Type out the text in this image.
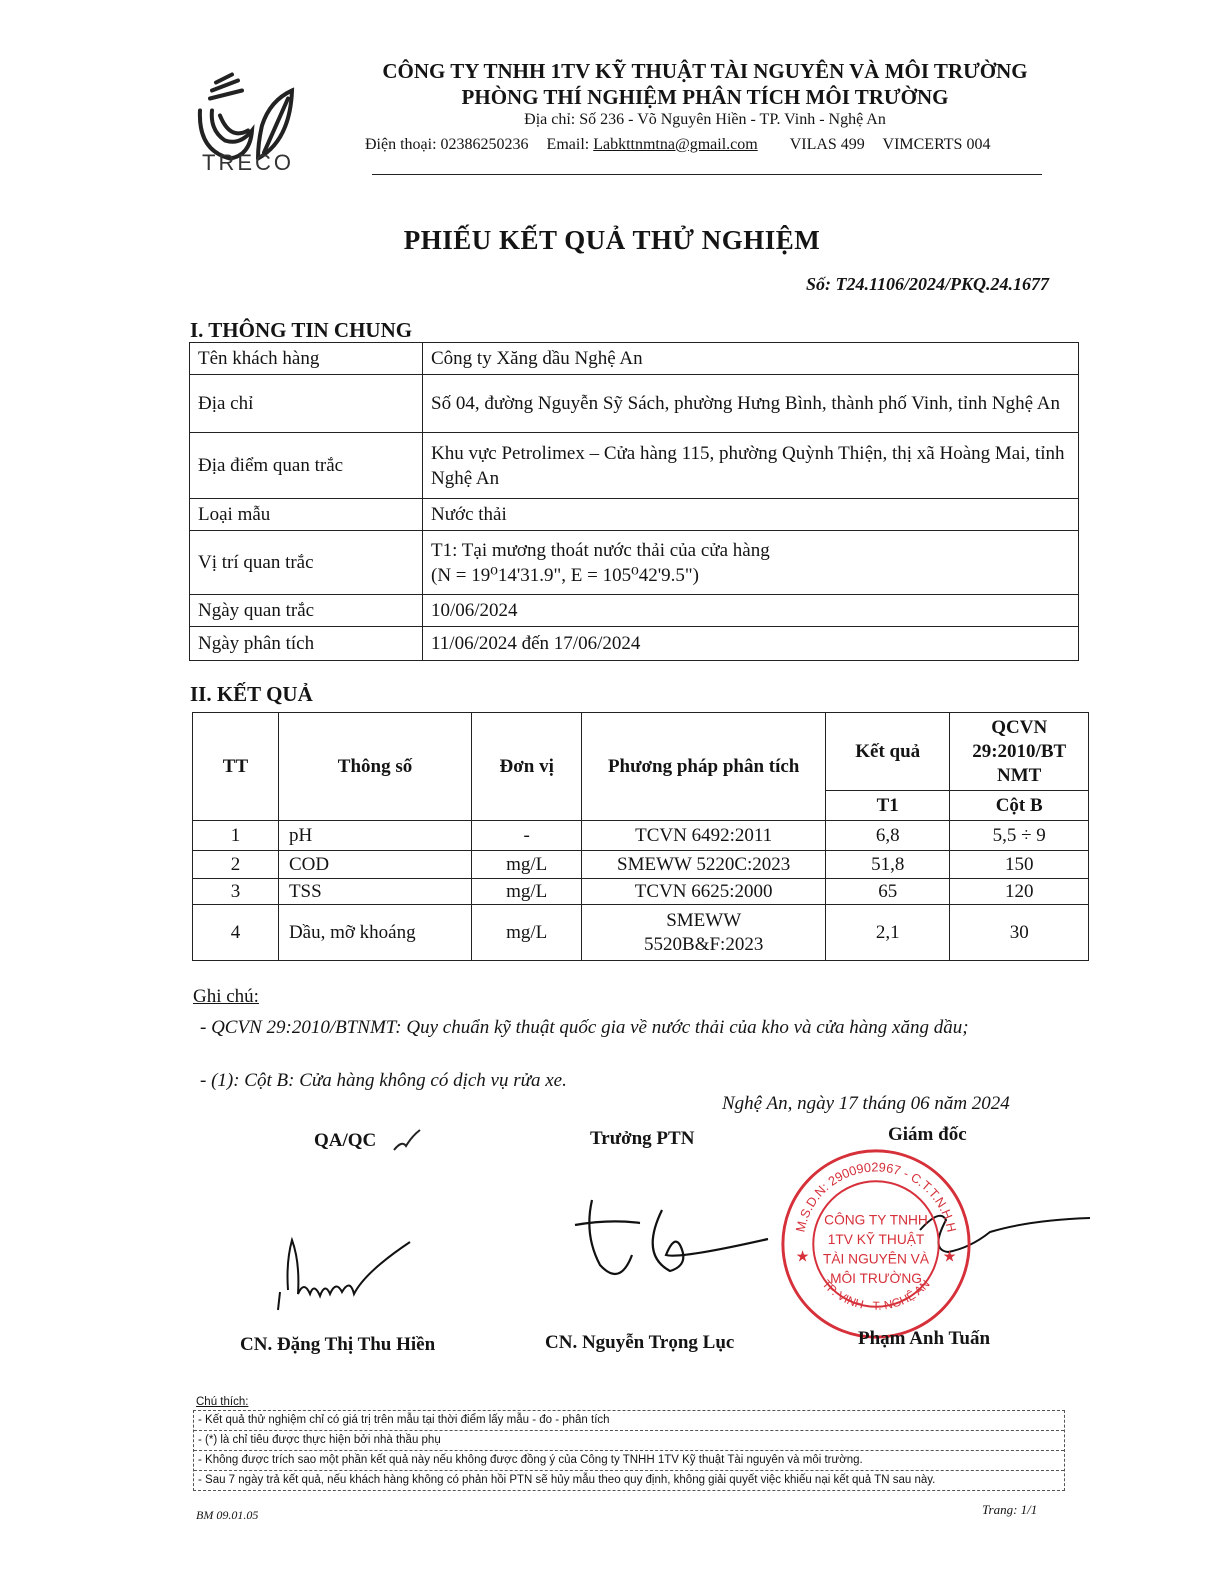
TRECO
CÔNG TY TNHH 1TV KỸ THUẬT TÀI NGUYÊN VÀ MÔI TRƯỜNG
PHÒNG THÍ NGHIỆM PHÂN TÍCH MÔI TRƯỜNG
Địa chỉ: Số 236 - Võ Nguyên Hiền - TP. Vinh - Nghệ An
Điện thoại: 02386250236 Email: Labkttnmtna@gmail.com VILAS 499 VIMCERTS 004
PHIẾU KẾT QUẢ THỬ NGHIỆM
Số: T24.1106/2024/PKQ.24.1677
I. THÔNG TIN CHUNG
Tên khách hàng	Công ty Xăng dầu Nghệ An
Địa chỉ	Số 04, đường Nguyễn Sỹ Sách, phường Hưng Bình, thành phố Vinh, tỉnh Nghệ An
Địa điểm quan trắc	Khu vực Petrolimex – Cửa hàng 115, phường Quỳnh Thiện, thị xã Hoàng Mai, tỉnh Nghệ An
Loại mẫu	Nước thải
Vị trí quan trắc	T1: Tại mương thoát nước thải của cửa hàng
(N = 19⁰14'31.9", E = 105⁰42'9.5")

Ngày quan trắc	10/06/2024
Ngày phân tích	11/06/2024 đến 17/06/2024
II. KẾT QUẢ
TT	Thông số	Đơn vị	Phương pháp phân tích	Kết quả	QCVN 29:2010/BT NMT
				T1	Cột B
1	pH	-	TCVN 6492:2011	6,8	5,5 ÷ 9
2	COD	mg/L	SMEWW 5220C:2023	51,8	150
3	TSS	mg/L	TCVN 6625:2000	65	120
4	Dầu, mỡ khoáng	mg/L	SMEWW 5520B&F:2023	2,1	30
Ghi chú:
- QCVN 29:2010/BTNMT: Quy chuẩn kỹ thuật quốc gia về nước thải của kho và cửa hàng xăng dầu;
- (1): Cột B: Cửa hàng không có dịch vụ rửa xe.
Nghệ An, ngày 17 tháng 06 năm 2024
QA/QC	Trưởng PTN	Giám đốc
M.S.D.N: 2900902967 - C.T.T.N.H.H
TP. VINH - T. NGHỆ AN
CÔNG TY TNHH
1TV KỸ THUẬT
TÀI NGUYÊN VÀ
MÔI TRƯỜNG
★	★
CN. Đặng Thị Thu Hiền	CN. Nguyễn Trọng Lục	Phạm Anh Tuấn
Chú thích:
- Kết quả thử nghiệm chỉ có giá trị trên mẫu tại thời điểm lấy mẫu - đo - phân tích
- (*) là chỉ tiêu được thực hiện bởi nhà thầu phụ
- Không được trích sao một phần kết quả này nếu không được đồng ý của Công ty TNHH 1TV Kỹ thuật Tài nguyên và môi trường.
- Sau 7 ngày trả kết quả, nếu khách hàng không có phản hồi PTN sẽ hủy mẫu theo quy định, không giải quyết việc khiếu nại kết quả TN sau này.
BM 09.01.05	Trang: 1/1
